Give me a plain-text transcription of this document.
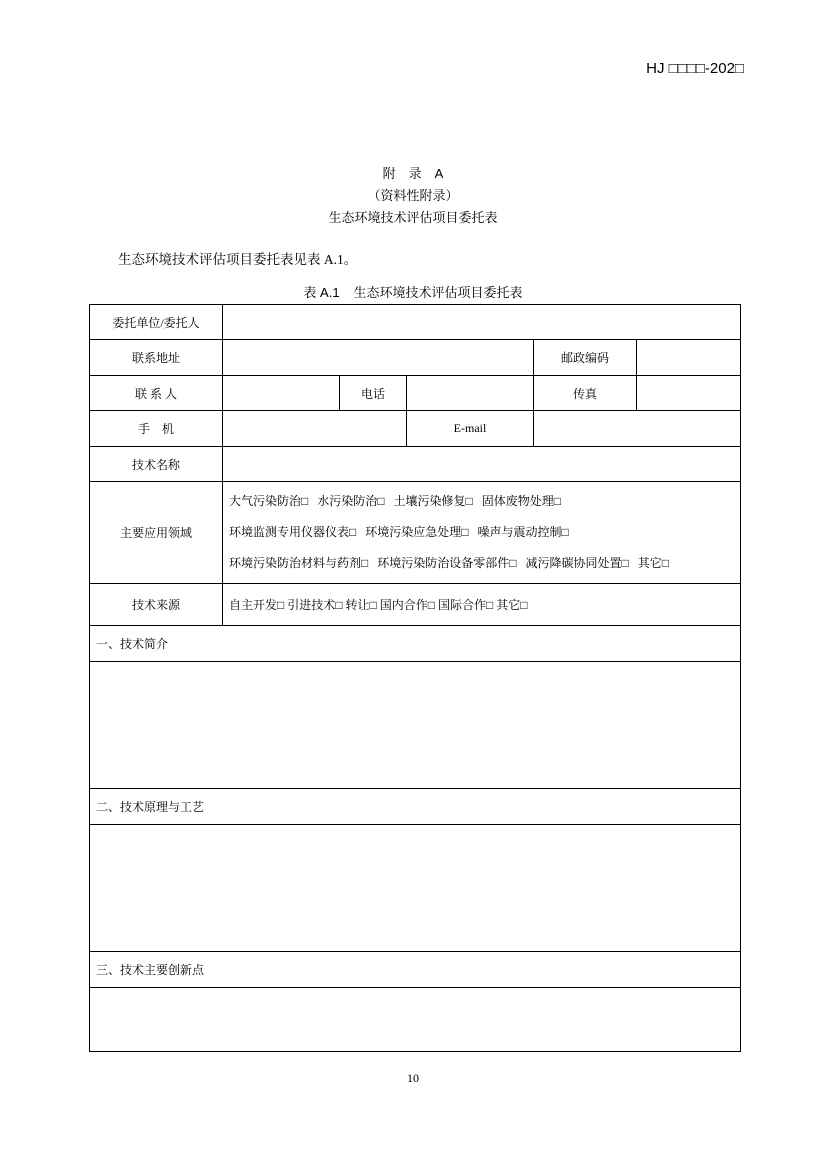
HJ □□□□-202□
附　录　A
（资料性附录）
生态环境技术评估项目委托表
生态环境技术评估项目委托表见表 A.1。
表 A.1 生态环境技术评估项目委托表
委托单位/委托人					
联系地址				邮政编码	
联 系 人		电话		传真	
手　机			E-mail		
技术名称					
主要应用领域	大气污染防治□ 水污染防治□ 土壤污染修复□ 固体废物处理□
环境监测专用仪器仪表□ 环境污染应急处理□ 噪声与震动控制□
环境污染防治材料与药剂□ 环境污染防治设备零部件□ 减污降碳协同处置□ 其它□				

技术来源	自主开发□ 引进技术□ 转让□ 国内合作□ 国际合作□ 其它□				
一、技术简介					

二、技术原理与工艺					

三、技术主要创新点					

10
